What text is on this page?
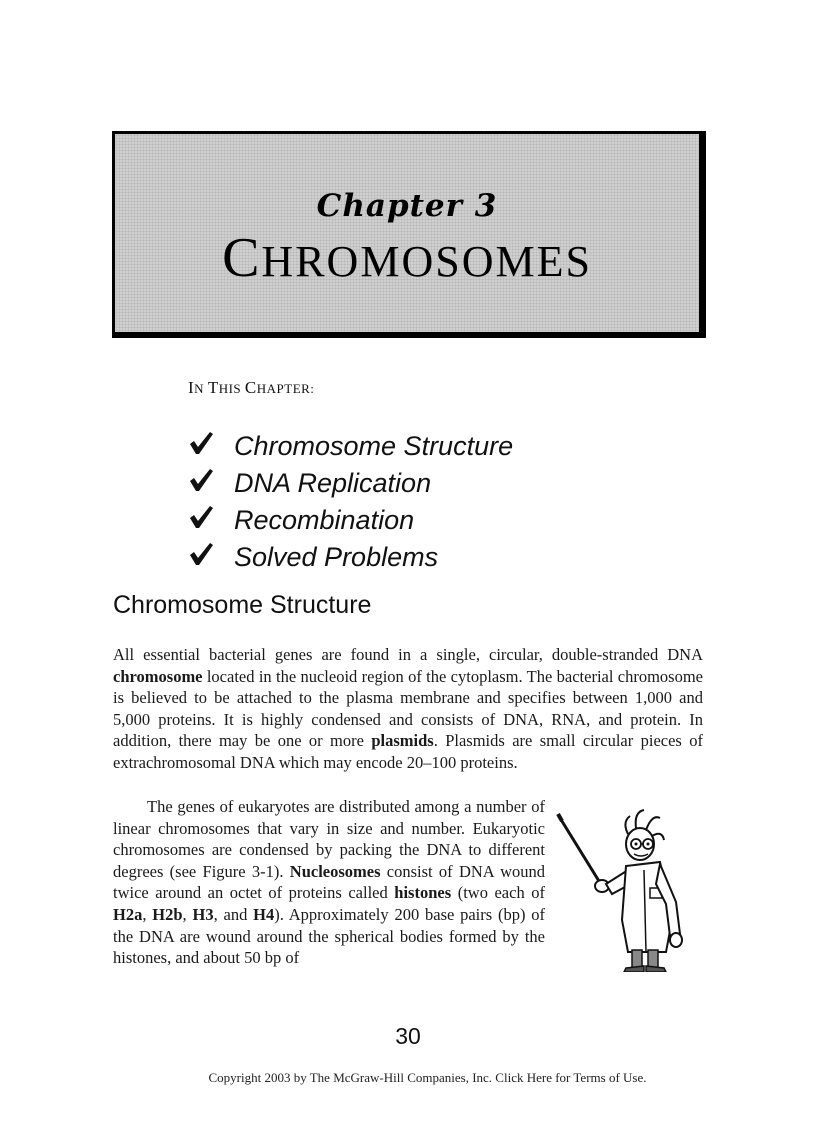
Chapter 3
CHROMOSOMES
IN THIS CHAPTER:
Chromosome Structure
DNA Replication
Recombination
Solved Problems
Chromosome Structure

All essential bacterial genes are found in a single, circular, double-stranded DNA chromosome located in the nucleoid region of the cytoplasm. The bacterial chromosome is believed to be attached to the plasma membrane and specifies between 1,000 and 5,000 proteins. It is highly condensed and consists of DNA, RNA, and protein. In addition, there may be one or more plasmids. Plasmids are small circular pieces of extrachromosomal DNA which may encode 20–100 proteins.

The genes of eukaryotes are distributed among a number of linear chromosomes that vary in size and number. Eukaryotic chromosomes are condensed by packing the DNA to different degrees (see Figure 3-1). Nucleosomes consist of DNA wound twice around an octet of proteins called histones (two each of H2a, H2b, H3, and H4). Approximately 200 base pairs (bp) of the DNA are wound around the spherical bodies formed by the histones, and about 50 bp of

30
Copyright 2003 by The McGraw-Hill Companies, Inc. Click Here for Terms of Use.
